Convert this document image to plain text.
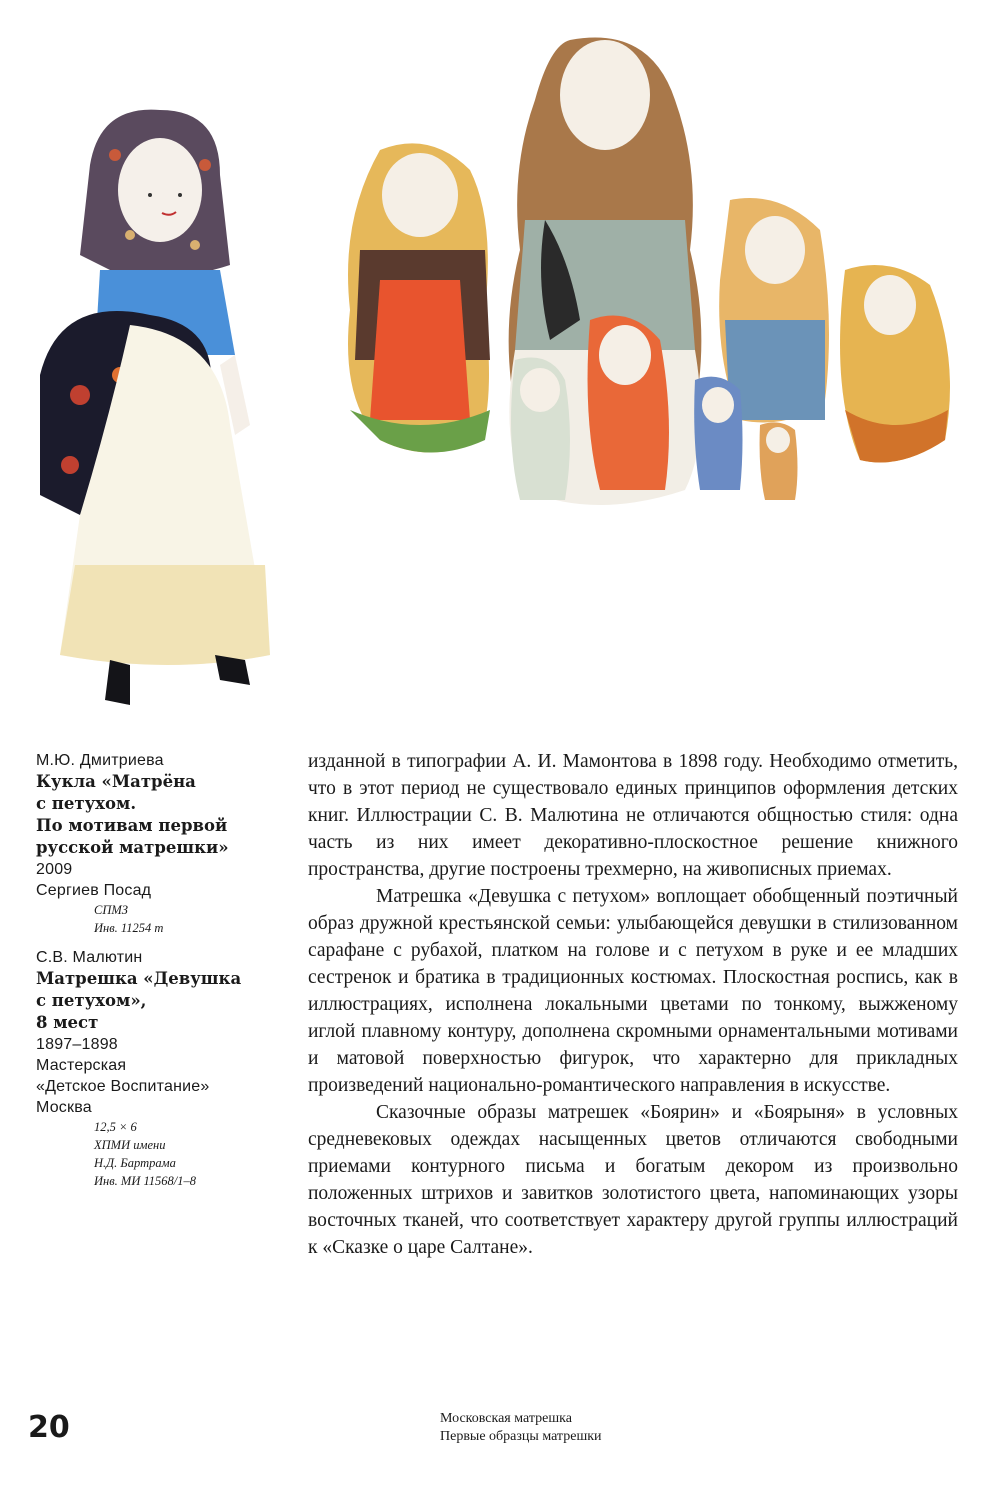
М.Ю. Дмитриева
Кукла «Матрёна
с петухом.
По мотивам первой
русской матрешки»
2009
Сергиев Посад
СПМЗ
Инв. 11254 т
С.В. Малютин
Матрешка «Девушка
с петухом»,
8 мест
1897–1898
Мастерская
«Детское Воспитание»
Москва
12,5 × 6
ХПМИ имени
Н.Д. Бартрама
Инв. МИ 11568/1–8

изданной в типографии А. И. Мамонтова в 1898 году. Необходимо отметить, что в этот период не существовало единых принципов оформления детских книг. Иллюстрации С. В. Малютина не отличаются общностью стиля: одна часть из них имеет декоративно-плоскостное решение книжного пространства, другие построены трехмерно, на живописных приемах.

Матрешка «Девушка с петухом» воплощает обобщенный поэтичный образ дружной крестьянской семьи: улыбающейся девушки в стилизованном сарафане с рубахой, платком на голове и с петухом в руке и ее младших сестренок и братика в традиционных костюмах. Плоскостная роспись, как в иллюстрациях, исполнена локальными цветами по тонкому, выжженому иглой плавному контуру, дополнена скромными орнаментальными мотивами и матовой поверхностью фигурок, что характерно для прикладных произведений национально-романтического направления в искусстве.

Сказочные образы матрешек «Боярин» и «Боярыня» в условных средневековых одеждах насыщенных цветов отличаются свободными приемами контурного письма и богатым декором из произвольно положенных штрихов и завитков золотистого цвета, напоминающих узоры восточных тканей, что соответствует характеру другой группы иллюстраций к «Сказке о царе Салтане».

20	Московская матрешка
Первые образцы матрешки
